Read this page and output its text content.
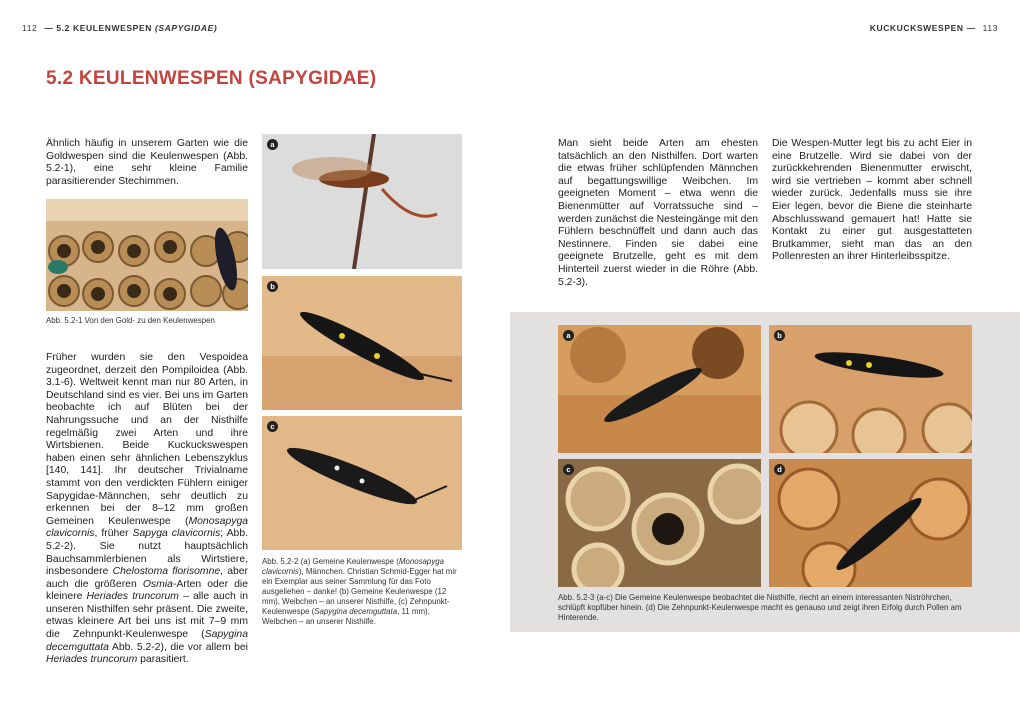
112 — 5.2 KEULENWESPEN (SAPYGIDAE)	KUCKUCKSWESPEN — 113
5.2 KEULENWESPEN (SAPYGIDAE)
Ähnlich häufig in unserem Garten wie die Goldwespen sind die Keulenwespen (Abb. 5.2-1), eine sehr kleine Familie parasitierender Stechimmen.
Abb. 5.2-1 Von den Gold- zu den Keulenwespen
Früher wurden sie den Vespoidea zugeordnet, derzeit den Pompiloidea (Abb. 3.1-6). Weltweit kennt man nur 80 Arten, in Deutschland sind es vier. Bei uns im Garten beobachte ich auf Blüten bei der Nahrungssuche und an der Nisthilfe regelmäßig zwei Arten und ihre Wirtsbienen. Beide Kuckuckswespen haben einen sehr ähnlichen Lebenszyklus [140, 141]. Ihr deutscher Trivialname stammt von den verdickten Fühlern einiger Sapygidae-Männchen, sehr deutlich zu erkennen bei der 8–12 mm großen Gemeinen Keulenwespe (Monosapyga clavicornis, früher Sapyga clavicornis; Abb. 5.2-2). Sie nutzt hauptsächlich Bauchsammlerbienen als Wirtstiere, insbesondere Chelostoma florisomne, aber auch die größeren Osmia-Arten oder die kleinere Heriades truncorum – alle auch in unseren Nisthilfen sehr präsent. Die zweite, etwas kleinere Art bei uns ist mit 7–9 mm die Zehnpunkt-Keulenwespe (Sapygina decemguttata Abb. 5.2-2), die vor allem bei Heriades truncorum parasitiert.
a
b
c
Abb. 5.2-2 (a) Gemeine Keulenwespe (Monosapyga clavicornis), Männchen. Christian Schmid-Egger hat mir ein Exemplar aus seiner Sammlung für das Foto ausgeliehen – danke! (b) Gemeine Keulenwespe (12 mm), Weibchen – an unserer Nisthilfe, (c) Zehnpunkt-Keulenwespe (Sapygina decemguttata, 11 mm), Weibchen – an unserer Nisthilfe.
Man sieht beide Arten am ehesten tatsächlich an den Nisthilfen. Dort warten die etwas früher schlüpfenden Männchen auf begattungswillige Weibchen. Im geeigneten Moment – etwa wenn die Bienenmütter auf Vorratssuche sind – werden zunächst die Nesteingänge mit den Fühlern beschnüffelt und dann auch das Nestinnere. Finden sie dabei eine geeignete Brutzelle, geht es mit dem Hinterteil zuerst wieder in die Röhre (Abb. 5.2-3).
Die Wespen-Mutter legt bis zu acht Eier in eine Brutzelle. Wird sie dabei von der zurückkehrenden Bienenmutter erwischt, wird sie vertrieben – kommt aber schnell wieder zurück. Jedenfalls muss sie ihre Eier legen, bevor die Biene die steinharte Abschlusswand gemauert hat! Hatte sie Kontakt zu einer gut ausgestatteten Brutkammer, sieht man das an den Pollenresten an ihrer Hinterleibsspitze.
a	b
c	d
Abb. 5.2-3 (a-c) Die Gemeine Keulenwespe beobachtet die Nisthilfe, riecht an einem interessanten Niströhrchen, schlüpft kopfüber hinein. (d) Die Zehnpunkt-Keulenwespe macht es genauso und zeigt ihren Erfolg durch Pollen am Hinterende.
